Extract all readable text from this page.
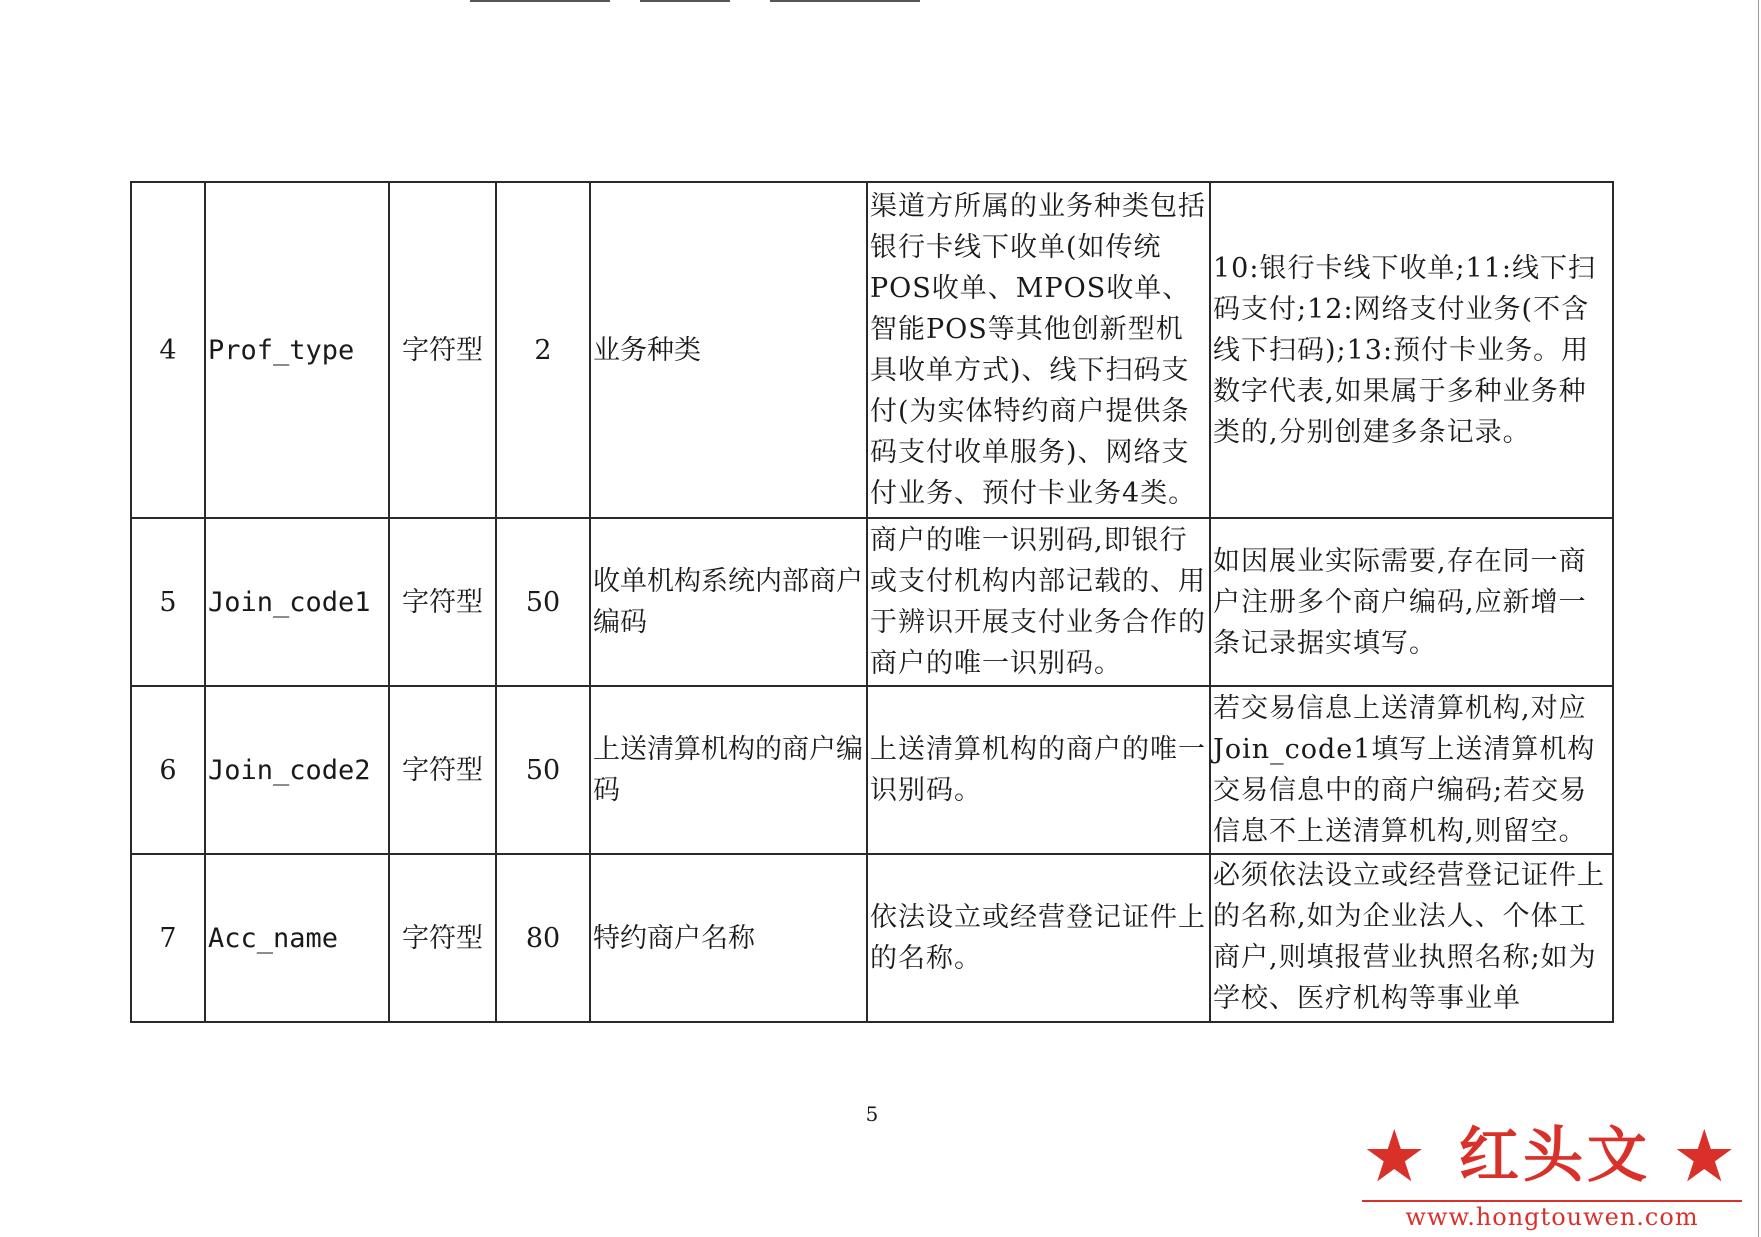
4	Prof_type	字符型	2	业务种类	渠道方所属的业务种类包括银行卡线下收单(如传统POS收单、MPOS收单、智能POS等其他创新型机具收单方式)、线下扫码支付(为实体特约商户提供条码支付收单服务)、网络支付业务、预付卡业务4类。	10:银行卡线下收单;11:线下扫码支付;12:网络支付业务(不含线下扫码);13:预付卡业务。用数字代表,如果属于多种业务种类的,分别创建多条记录。
5	Join_code1	字符型	50	收单机构系统内部商户编码	商户的唯一识别码,即银行或支付机构内部记载的、用于辨识开展支付业务合作的商户的唯一识别码。	如因展业实际需要,存在同一商户注册多个商户编码,应新增一条记录据实填写。
6	Join_code2	字符型	50	上送清算机构的商户编码	上送清算机构的商户的唯一识别码。	若交易信息上送清算机构,对应Join_code1填写上送清算机构交易信息中的商户编码;若交易信息不上送清算机构,则留空。
7	Acc_name	字符型	80	特约商户名称	依法设立或经营登记证件上的名称。	必须依法设立或经营登记证件上的名称,如为企业法人、个体工商户,则填报营业执照名称;如为学校、医疗机构等事业单
5	★ 红头文 ★
www.hongtouwen.com
